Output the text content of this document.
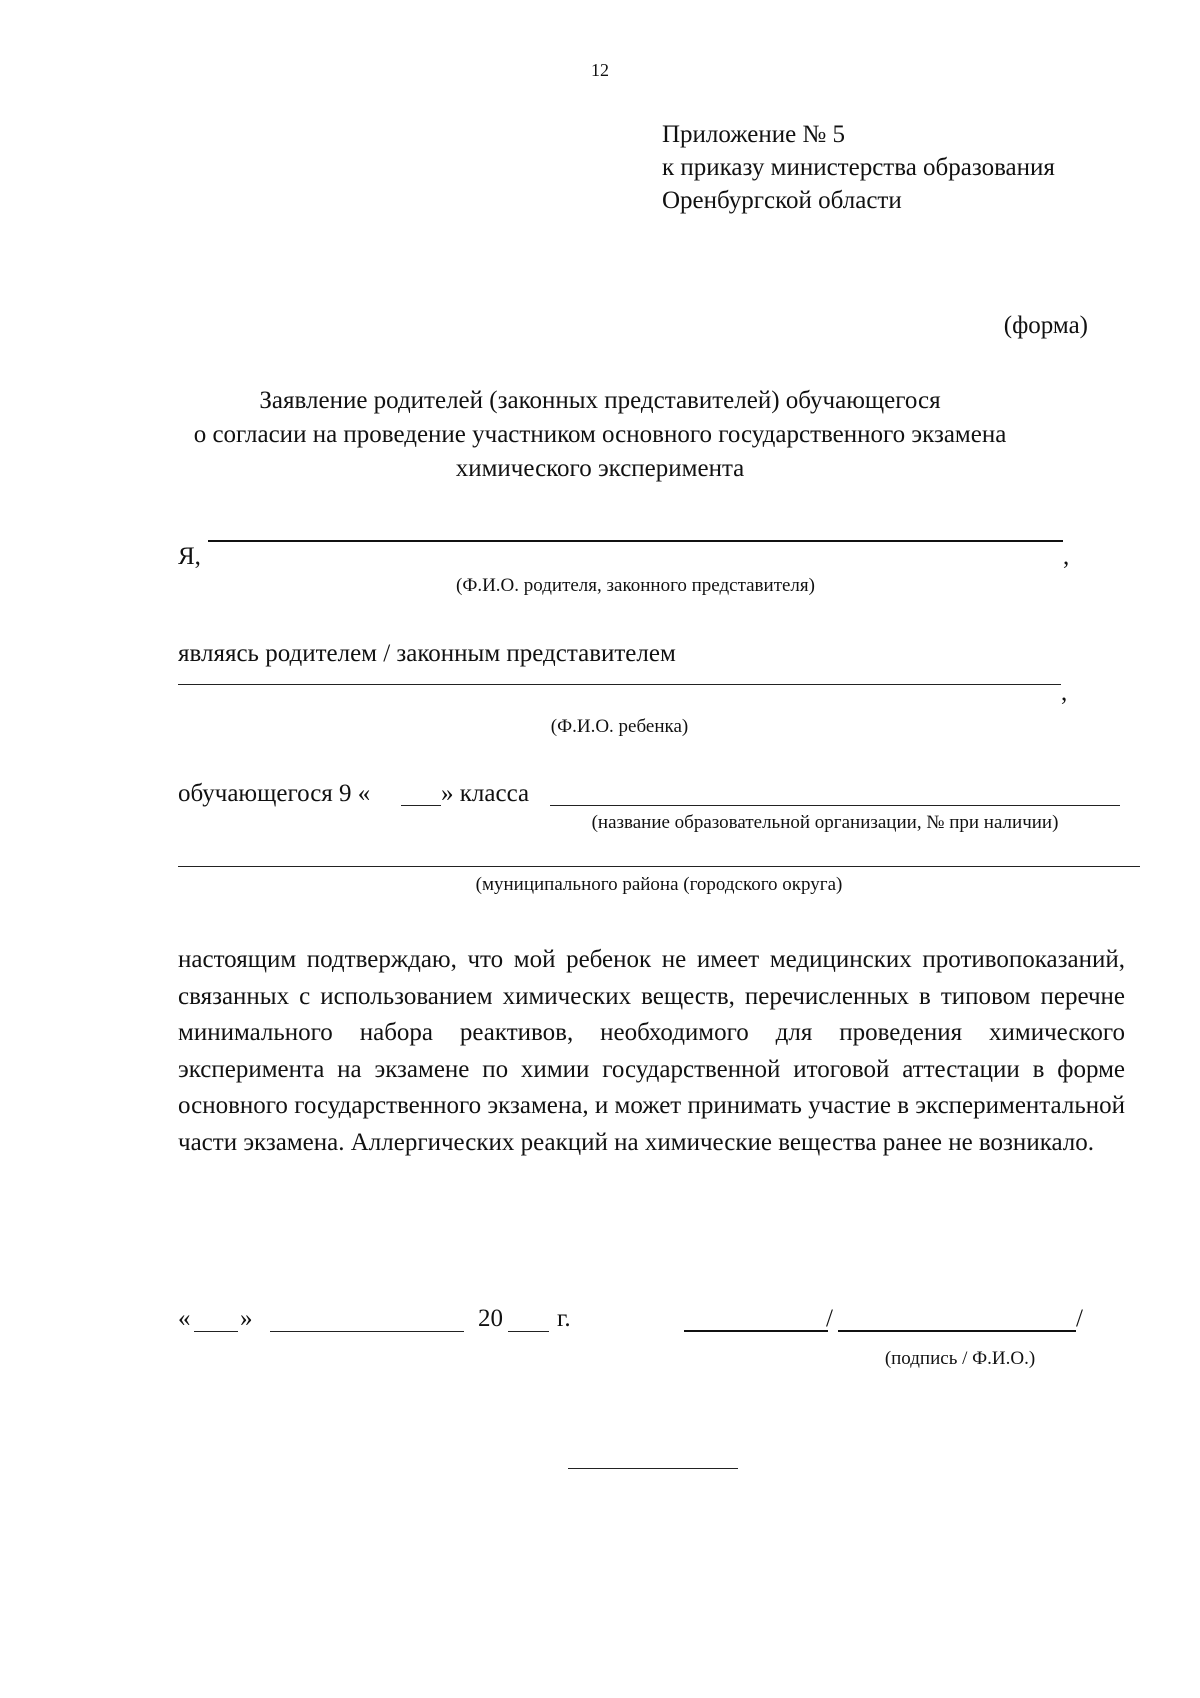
12
Приложение № 5
к приказу министерства образования
Оренбургской области
(форма)
Заявление родителей (законных представителей) обучающегося
о согласии на проведение участником основного государственного экзамена
химического эксперимента
Я,	,
(Ф.И.О. родителя, законного представителя)
являясь родителем / законным представителем
,
(Ф.И.О. ребенка)
обучающегося 9 «	» класса
(название образовательной организации, № при наличии)
(муниципального района (городского округа)
настоящим подтверждаю, что мой ребенок не имеет медицинских противопоказаний, связанных с использованием химических веществ, перечисленных в типовом перечне минимального набора реактивов, необходимого для проведения химического эксперимента на экзамене по химии государственной итоговой аттестации в форме основного государственного экзамена, и может принимать участие в экспериментальной части экзамена. Аллергических реакций на химические вещества ранее не возникало.
« »	20 г.	/	/
(подпись / Ф.И.О.)
